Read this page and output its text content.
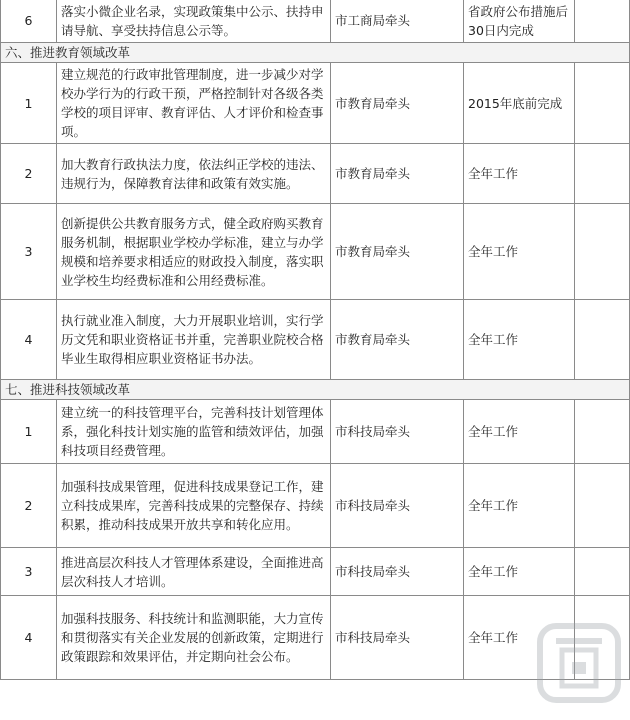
6	落实小微企业名录，实现政策集中公示、扶持申请导航、享受扶持信息公示等。	市工商局牵头	省政府公布措施后30日内完成	
六、推进教育领域改革				
1	建立规范的行政审批管理制度，进一步减少对学校办学行为的行政干预，严格控制针对各级各类学校的项目评审、教育评估、人才评价和检查事项。	市教育局牵头	2015年底前完成	
2	加大教育行政执法力度，依法纠正学校的违法、违规行为，保障教育法律和政策有效实施。	市教育局牵头	全年工作	
3	创新提供公共教育服务方式，健全政府购买教育服务机制，根据职业学校办学标准，建立与办学规模和培养要求相适应的财政投入制度，落实职业学校生均经费标准和公用经费标准。	市教育局牵头	全年工作	
4	执行就业准入制度，大力开展职业培训，实行学历文凭和职业资格证书并重，完善职业院校合格毕业生取得相应职业资格证书办法。	市教育局牵头	全年工作	
七、推进科技领域改革				
1	建立统一的科技管理平台，完善科技计划管理体系，强化科技计划实施的监管和绩效评估，加强科技项目经费管理。	市科技局牵头	全年工作	
2	加强科技成果管理，促进科技成果登记工作，建立科技成果库，完善科技成果的完整保存、持续积累，推动科技成果开放共享和转化应用。	市科技局牵头	全年工作	
3	推进高层次科技人才管理体系建设，全面推进高层次科技人才培训。	市科技局牵头	全年工作	
4	加强科技服务、科技统计和监测职能，大力宣传和贯彻落实有关企业发展的创新政策，定期进行政策跟踪和效果评估，并定期向社会公布。	市科技局牵头	全年工作	
